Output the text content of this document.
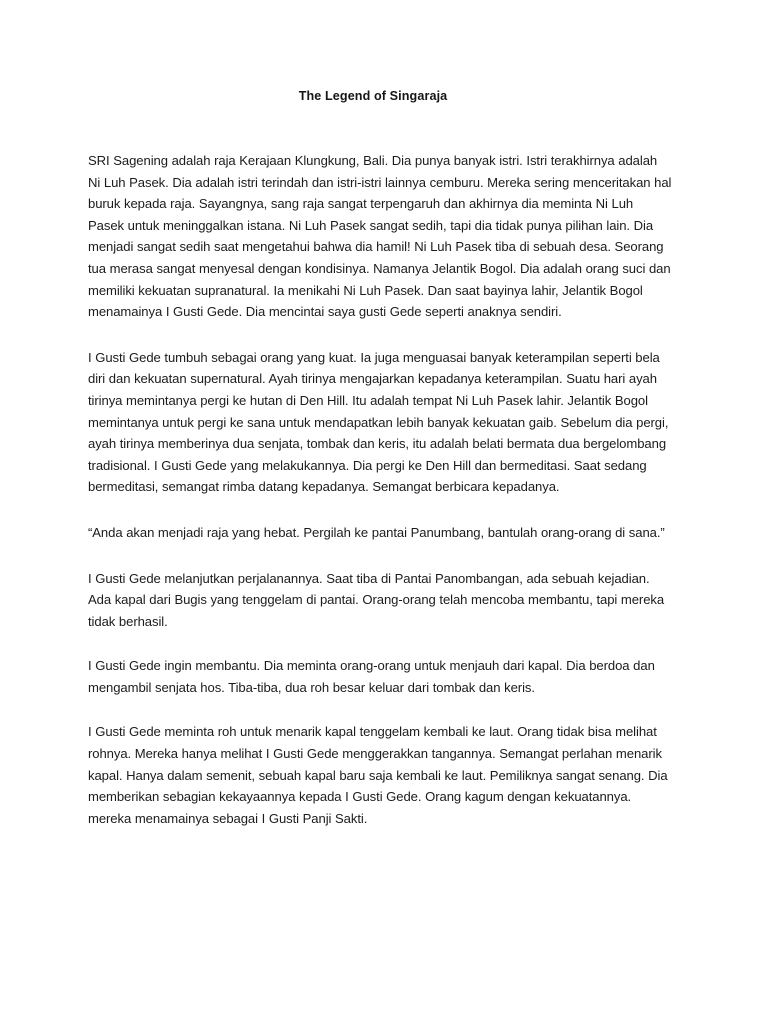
The Legend of Singaraja

SRI Sagening adalah raja Kerajaan Klungkung, Bali. Dia punya banyak istri. Istri terakhirnya adalah Ni Luh Pasek. Dia adalah istri terindah dan istri-istri lainnya cemburu. Mereka sering menceritakan hal buruk kepada raja. Sayangnya, sang raja sangat terpengaruh dan akhirnya dia meminta Ni Luh Pasek untuk meninggalkan istana. Ni Luh Pasek sangat sedih, tapi dia tidak punya pilihan lain. Dia menjadi sangat sedih saat mengetahui bahwa dia hamil! Ni Luh Pasek tiba di sebuah desa. Seorang tua merasa sangat menyesal dengan kondisinya. Namanya Jelantik Bogol. Dia adalah orang suci dan memiliki kekuatan supranatural. Ia menikahi Ni Luh Pasek. Dan saat bayinya lahir, Jelantik Bogol menamainya I Gusti Gede. Dia mencintai saya gusti Gede seperti anaknya sendiri.

I Gusti Gede tumbuh sebagai orang yang kuat. Ia juga menguasai banyak keterampilan seperti bela diri dan kekuatan supernatural. Ayah tirinya mengajarkan kepadanya keterampilan. Suatu hari ayah tirinya memintanya pergi ke hutan di Den Hill. Itu adalah tempat Ni Luh Pasek lahir. Jelantik Bogol memintanya untuk pergi ke sana untuk mendapatkan lebih banyak kekuatan gaib. Sebelum dia pergi, ayah tirinya memberinya dua senjata, tombak dan keris, itu adalah belati bermata dua bergelombang tradisional. I Gusti Gede yang melakukannya. Dia pergi ke Den Hill dan bermeditasi. Saat sedang bermeditasi, semangat rimba datang kepadanya. Semangat berbicara kepadanya.

“Anda akan menjadi raja yang hebat. Pergilah ke pantai Panumbang, bantulah orang-orang di sana.”

I Gusti Gede melanjutkan perjalanannya. Saat tiba di Pantai Panombangan, ada sebuah kejadian. Ada kapal dari Bugis yang tenggelam di pantai. Orang-orang telah mencoba membantu, tapi mereka tidak berhasil.

I Gusti Gede ingin membantu. Dia meminta orang-orang untuk menjauh dari kapal. Dia berdoa dan mengambil senjata hos. Tiba-tiba, dua roh besar keluar dari tombak dan keris.

I Gusti Gede meminta roh untuk menarik kapal tenggelam kembali ke laut. Orang tidak bisa melihat rohnya. Mereka hanya melihat I Gusti Gede menggerakkan tangannya. Semangat perlahan menarik kapal. Hanya dalam semenit, sebuah kapal baru saja kembali ke laut. Pemiliknya sangat senang. Dia memberikan sebagian kekayaannya kepada I Gusti Gede. Orang kagum dengan kekuatannya. mereka menamainya sebagai I Gusti Panji Sakti.
